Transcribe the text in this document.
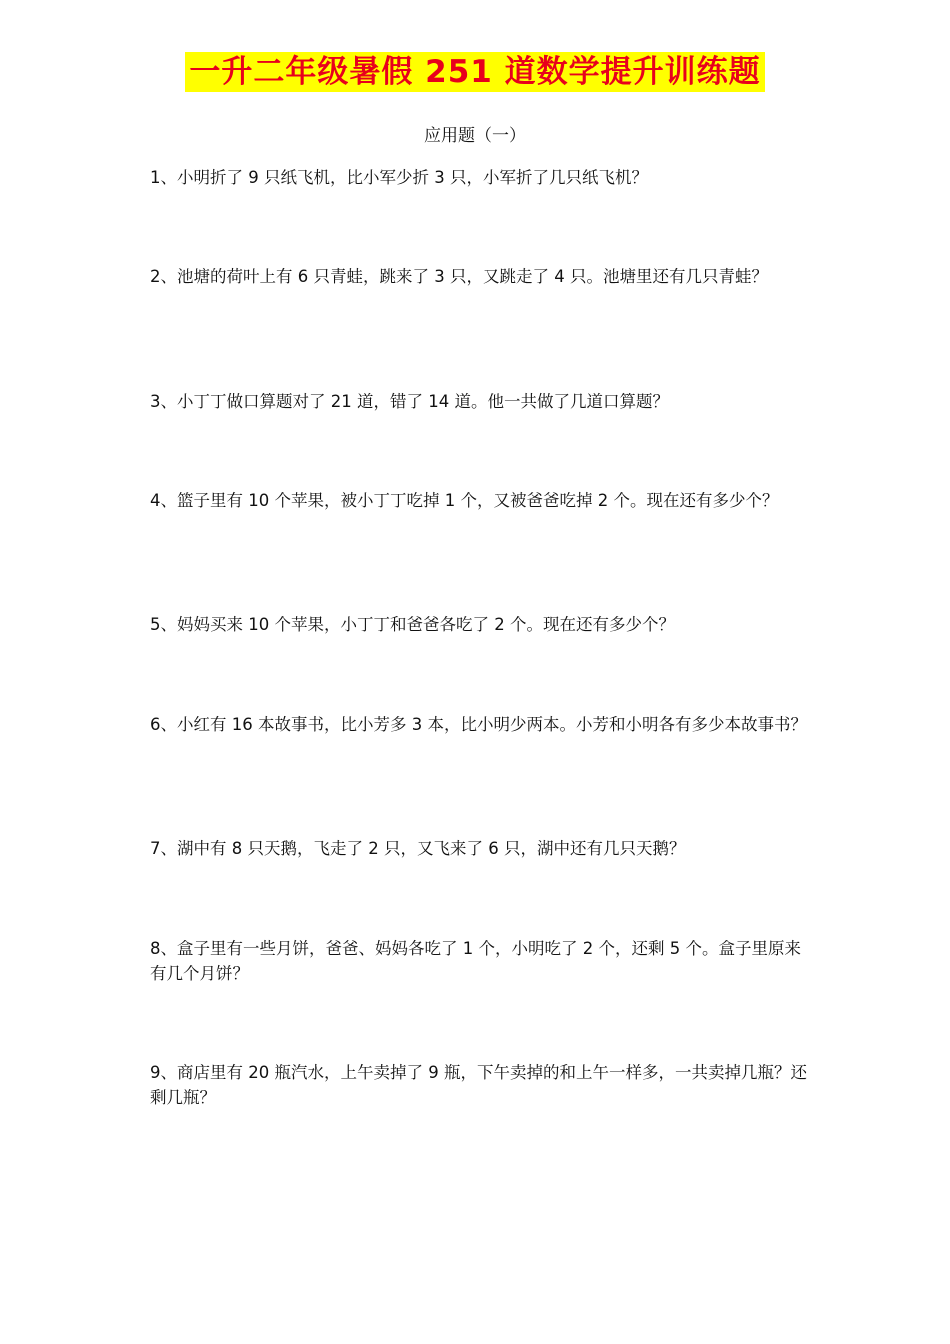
一升二年级暑假 251 道数学提升训练题
应用题（一）

1、小明折了 9 只纸飞机，比小军少折 3 只，小军折了几只纸飞机？

2、池塘的荷叶上有 6 只青蛙，跳来了 3 只，又跳走了 4 只。池塘里还有几只青蛙？

3、小丁丁做口算题对了 21 道，错了 14 道。他一共做了几道口算题？

4、篮子里有 10 个苹果，被小丁丁吃掉 1 个，又被爸爸吃掉 2 个。现在还有多少个？

5、妈妈买来 10 个苹果，小丁丁和爸爸各吃了 2 个。现在还有多少个？

6、小红有 16 本故事书，比小芳多 3 本，比小明少两本。小芳和小明各有多少本故事书？

7、湖中有 8 只天鹅，飞走了 2 只，又飞来了 6 只，湖中还有几只天鹅？

8、盒子里有一些月饼，爸爸、妈妈各吃了 1 个，小明吃了 2 个，还剩 5 个。盒子里原来有几个月饼？

9、商店里有 20 瓶汽水，上午卖掉了 9 瓶，下午卖掉的和上午一样多，一共卖掉几瓶？还剩几瓶？
